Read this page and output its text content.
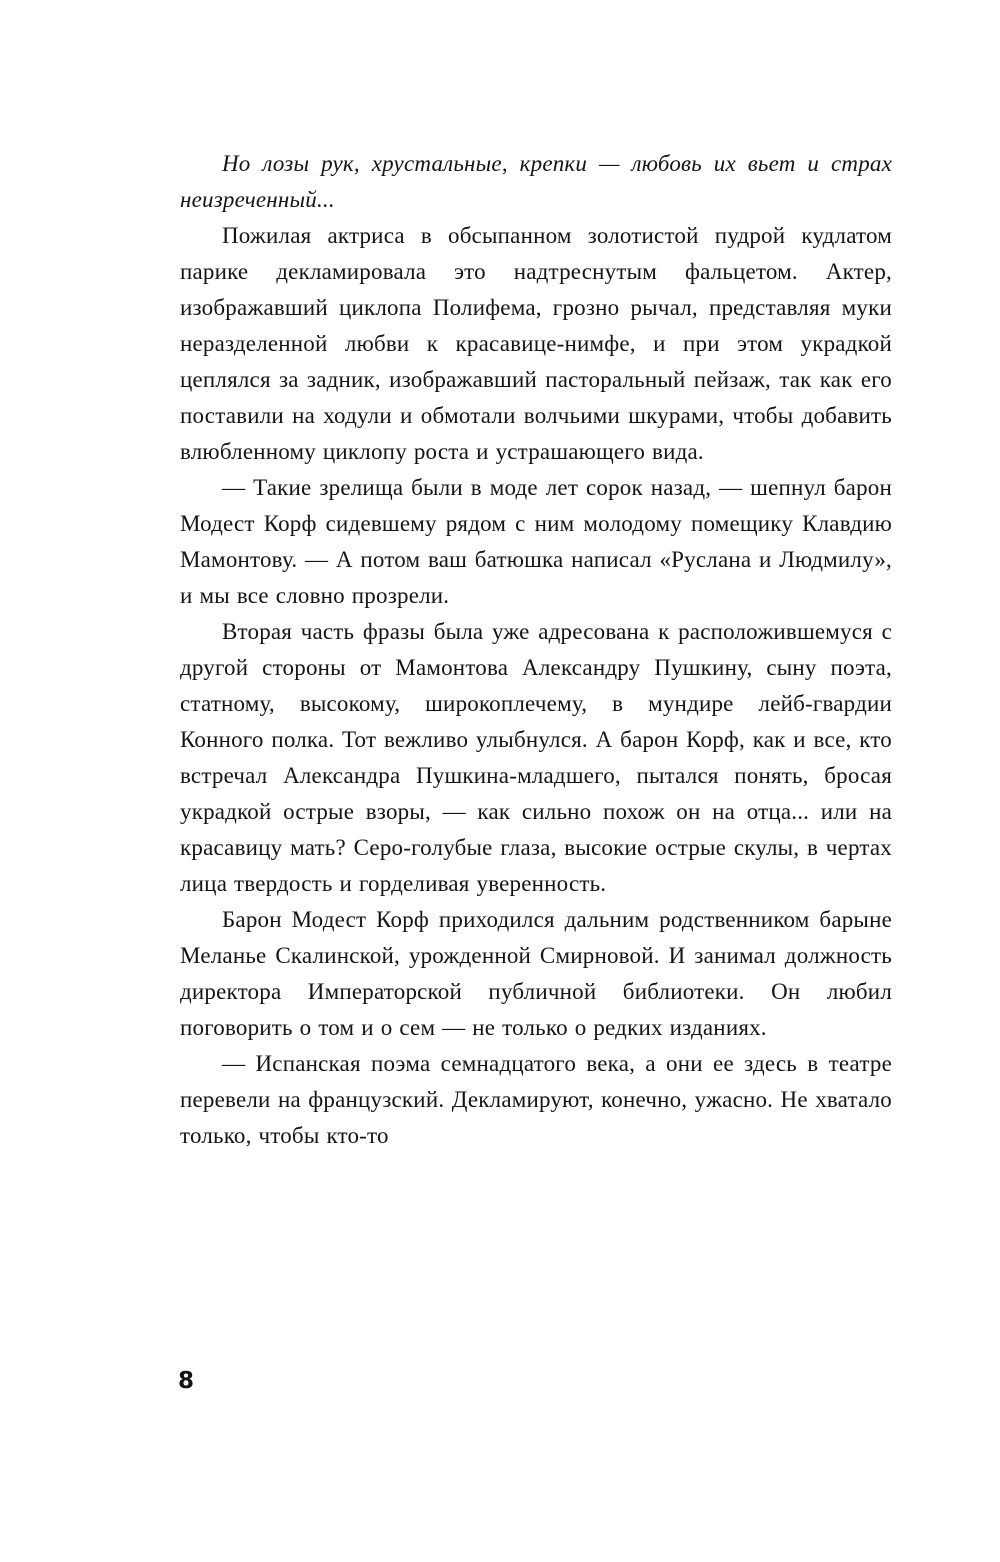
Но лозы рук, хрустальные, крепки — любовь их вьет и страх неизреченный...

Пожилая актриса в обсыпанном золотистой пудрой кудлатом парике декламировала это надтреснутым фальцетом. Актер, изображавший циклопа Полифема, грозно рычал, представляя муки неразделенной любви к красавице-нимфе, и при этом украдкой цеплялся за задник, изображавший пасторальный пейзаж, так как его поставили на ходули и обмотали волчьими шкурами, чтобы добавить влюбленному циклопу роста и устрашающего вида.

— Такие зрелища были в моде лет сорок назад, — шепнул барон Модест Корф сидевшему рядом с ним молодому помещику Клавдию Мамонтову. — А потом ваш батюшка написал «Руслана и Людмилу», и мы все словно прозрели.

Вторая часть фразы была уже адресована к расположившемуся с другой стороны от Мамонтова Александру Пушкину, сыну поэта, статному, высокому, широкоплечему, в мундире лейб-гвардии Конного полка. Тот вежливо улыбнулся. А барон Корф, как и все, кто встречал Александра Пушкина-младшего, пытался понять, бросая украдкой острые взоры, — как сильно похож он на отца... или на красавицу мать? Серо-голубые глаза, высокие острые скулы, в чертах лица твердость и горделивая уверенность.

Барон Модест Корф приходился дальним родственником барыне Меланье Скалинской, урожденной Смирновой. И занимал должность директора Императорской публичной библиотеки. Он любил поговорить о том и о сем — не только о редких изданиях.

— Испанская поэма семнадцатого века, а они ее здесь в театре перевели на французский. Декламируют, конечно, ужасно. Не хватало только, чтобы кто-то

8
